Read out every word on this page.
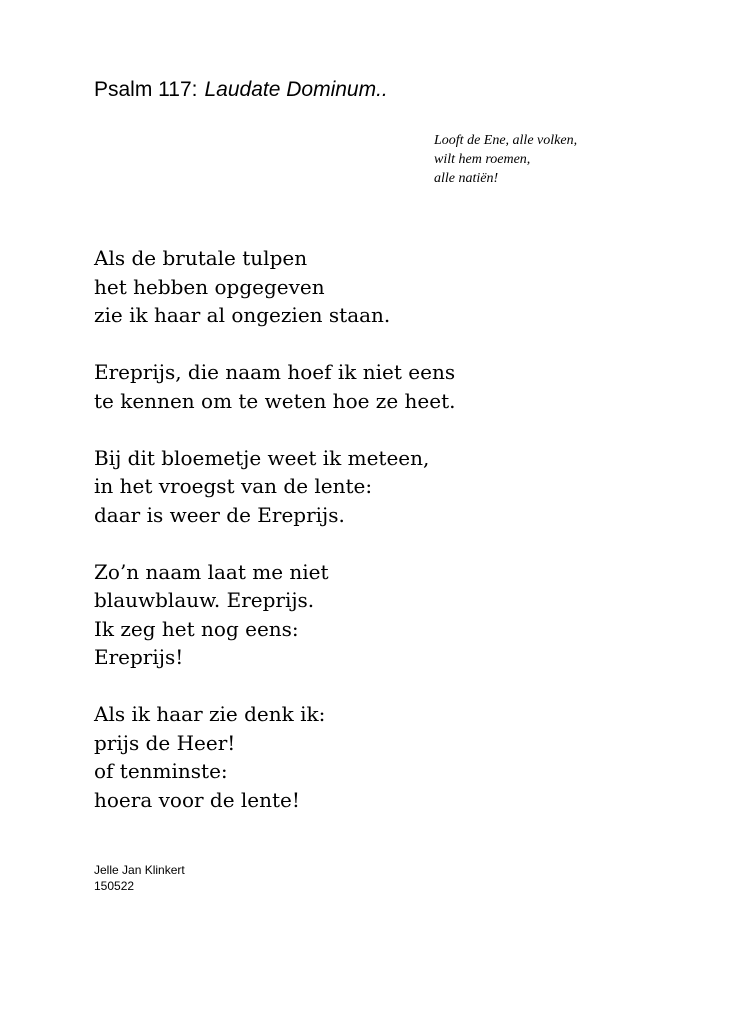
Psalm 117: Laudate Dominum..
Looft de Ene, alle volken,
wilt hem roemen,
alle natiën!
Als de brutale tulpen
het hebben opgegeven
zie ik haar al ongezien staan.
Ereprijs, die naam hoef ik niet eens
te kennen om te weten hoe ze heet.
Bij dit bloemetje weet ik meteen,
in het vroegst van de lente:
daar is weer de Ereprijs.
Zo’n naam laat me niet
blauwblauw. Ereprijs.
Ik zeg het nog eens:
Ereprijs!
Als ik haar zie denk ik:
prijs de Heer!
of tenminste:
hoera voor de lente!
Jelle Jan Klinkert
150522
